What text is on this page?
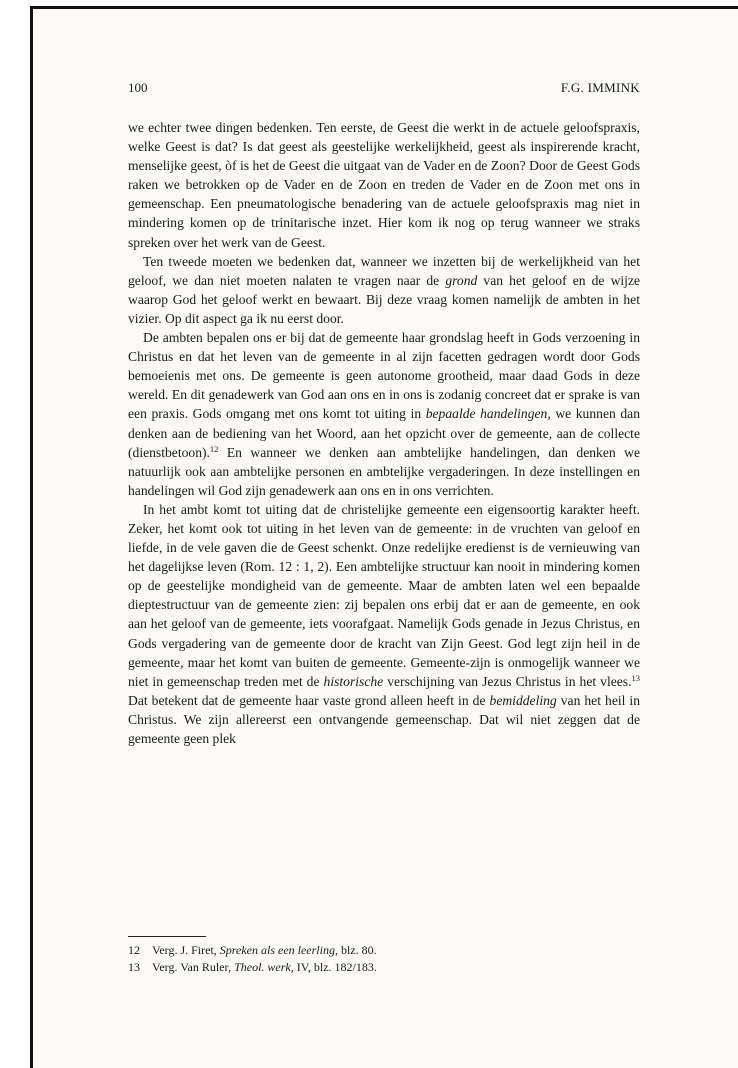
100	F.G. IMMINK

we echter twee dingen bedenken. Ten eerste, de Geest die werkt in de actuele geloofspraxis, welke Geest is dat? Is dat geest als geestelijke werkelijkheid, geest als inspirerende kracht, menselijke geest, òf is het de Geest die uitgaat van de Vader en de Zoon? Door de Geest Gods raken we betrokken op de Vader en de Zoon en treden de Vader en de Zoon met ons in gemeenschap. Een pneumatologische benadering van de actuele geloofspraxis mag niet in mindering komen op de trinitarische inzet. Hier kom ik nog op terug wanneer we straks spreken over het werk van de Geest.

Ten tweede moeten we bedenken dat, wanneer we inzetten bij de werkelijkheid van het geloof, we dan niet moeten nalaten te vragen naar de grond van het geloof en de wijze waarop God het geloof werkt en bewaart. Bij deze vraag komen namelijk de ambten in het vizier. Op dit aspect ga ik nu eerst door.

De ambten bepalen ons er bij dat de gemeente haar grondslag heeft in Gods verzoening in Christus en dat het leven van de gemeente in al zijn facetten gedragen wordt door Gods bemoeienis met ons. De gemeente is geen autonome grootheid, maar daad Gods in deze wereld. En dit genadewerk van God aan ons en in ons is zodanig concreet dat er sprake is van een praxis. Gods omgang met ons komt tot uiting in bepaalde handelingen, we kunnen dan denken aan de bediening van het Woord, aan het opzicht over de gemeente, aan de collecte (dienstbetoon).$^{12}$ En wanneer we denken aan ambtelijke handelingen, dan denken we natuurlijk ook aan ambtelijke personen en ambtelijke vergaderingen. In deze instellingen en handelingen wil God zijn genadewerk aan ons en in ons verrichten.

In het ambt komt tot uiting dat de christelijke gemeente een eigensoortig karakter heeft. Zeker, het komt ook tot uiting in het leven van de gemeente: in de vruchten van geloof en liefde, in de vele gaven die de Geest schenkt. Onze redelijke eredienst is de vernieuwing van het dagelijkse leven (Rom. 12 : 1, 2). Een ambtelijke structuur kan nooit in mindering komen op de geestelijke mondigheid van de gemeente. Maar de ambten laten wel een bepaalde dieptestructuur van de gemeente zien: zij bepalen ons erbij dat er aan de gemeente, en ook aan het geloof van de gemeente, iets voorafgaat. Namelijk Gods genade in Jezus Christus, en Gods vergadering van de gemeente door de kracht van Zijn Geest. God legt zijn heil in de gemeente, maar het komt van buiten de gemeente. Gemeente-zijn is onmogelijk wanneer we niet in gemeenschap treden met de historische verschijning van Jezus Christus in het vlees.$^{13}$ Dat betekent dat de gemeente haar vaste grond alleen heeft in de bemiddeling van het heil in Christus. We zijn allereerst een ontvangende gemeenschap. Dat wil niet zeggen dat de gemeente geen plek

12	Verg. J. Firet, Spreken als een leerling, blz. 80.
13	Verg. Van Ruler, Theol. werk, IV, blz. 182/183.
